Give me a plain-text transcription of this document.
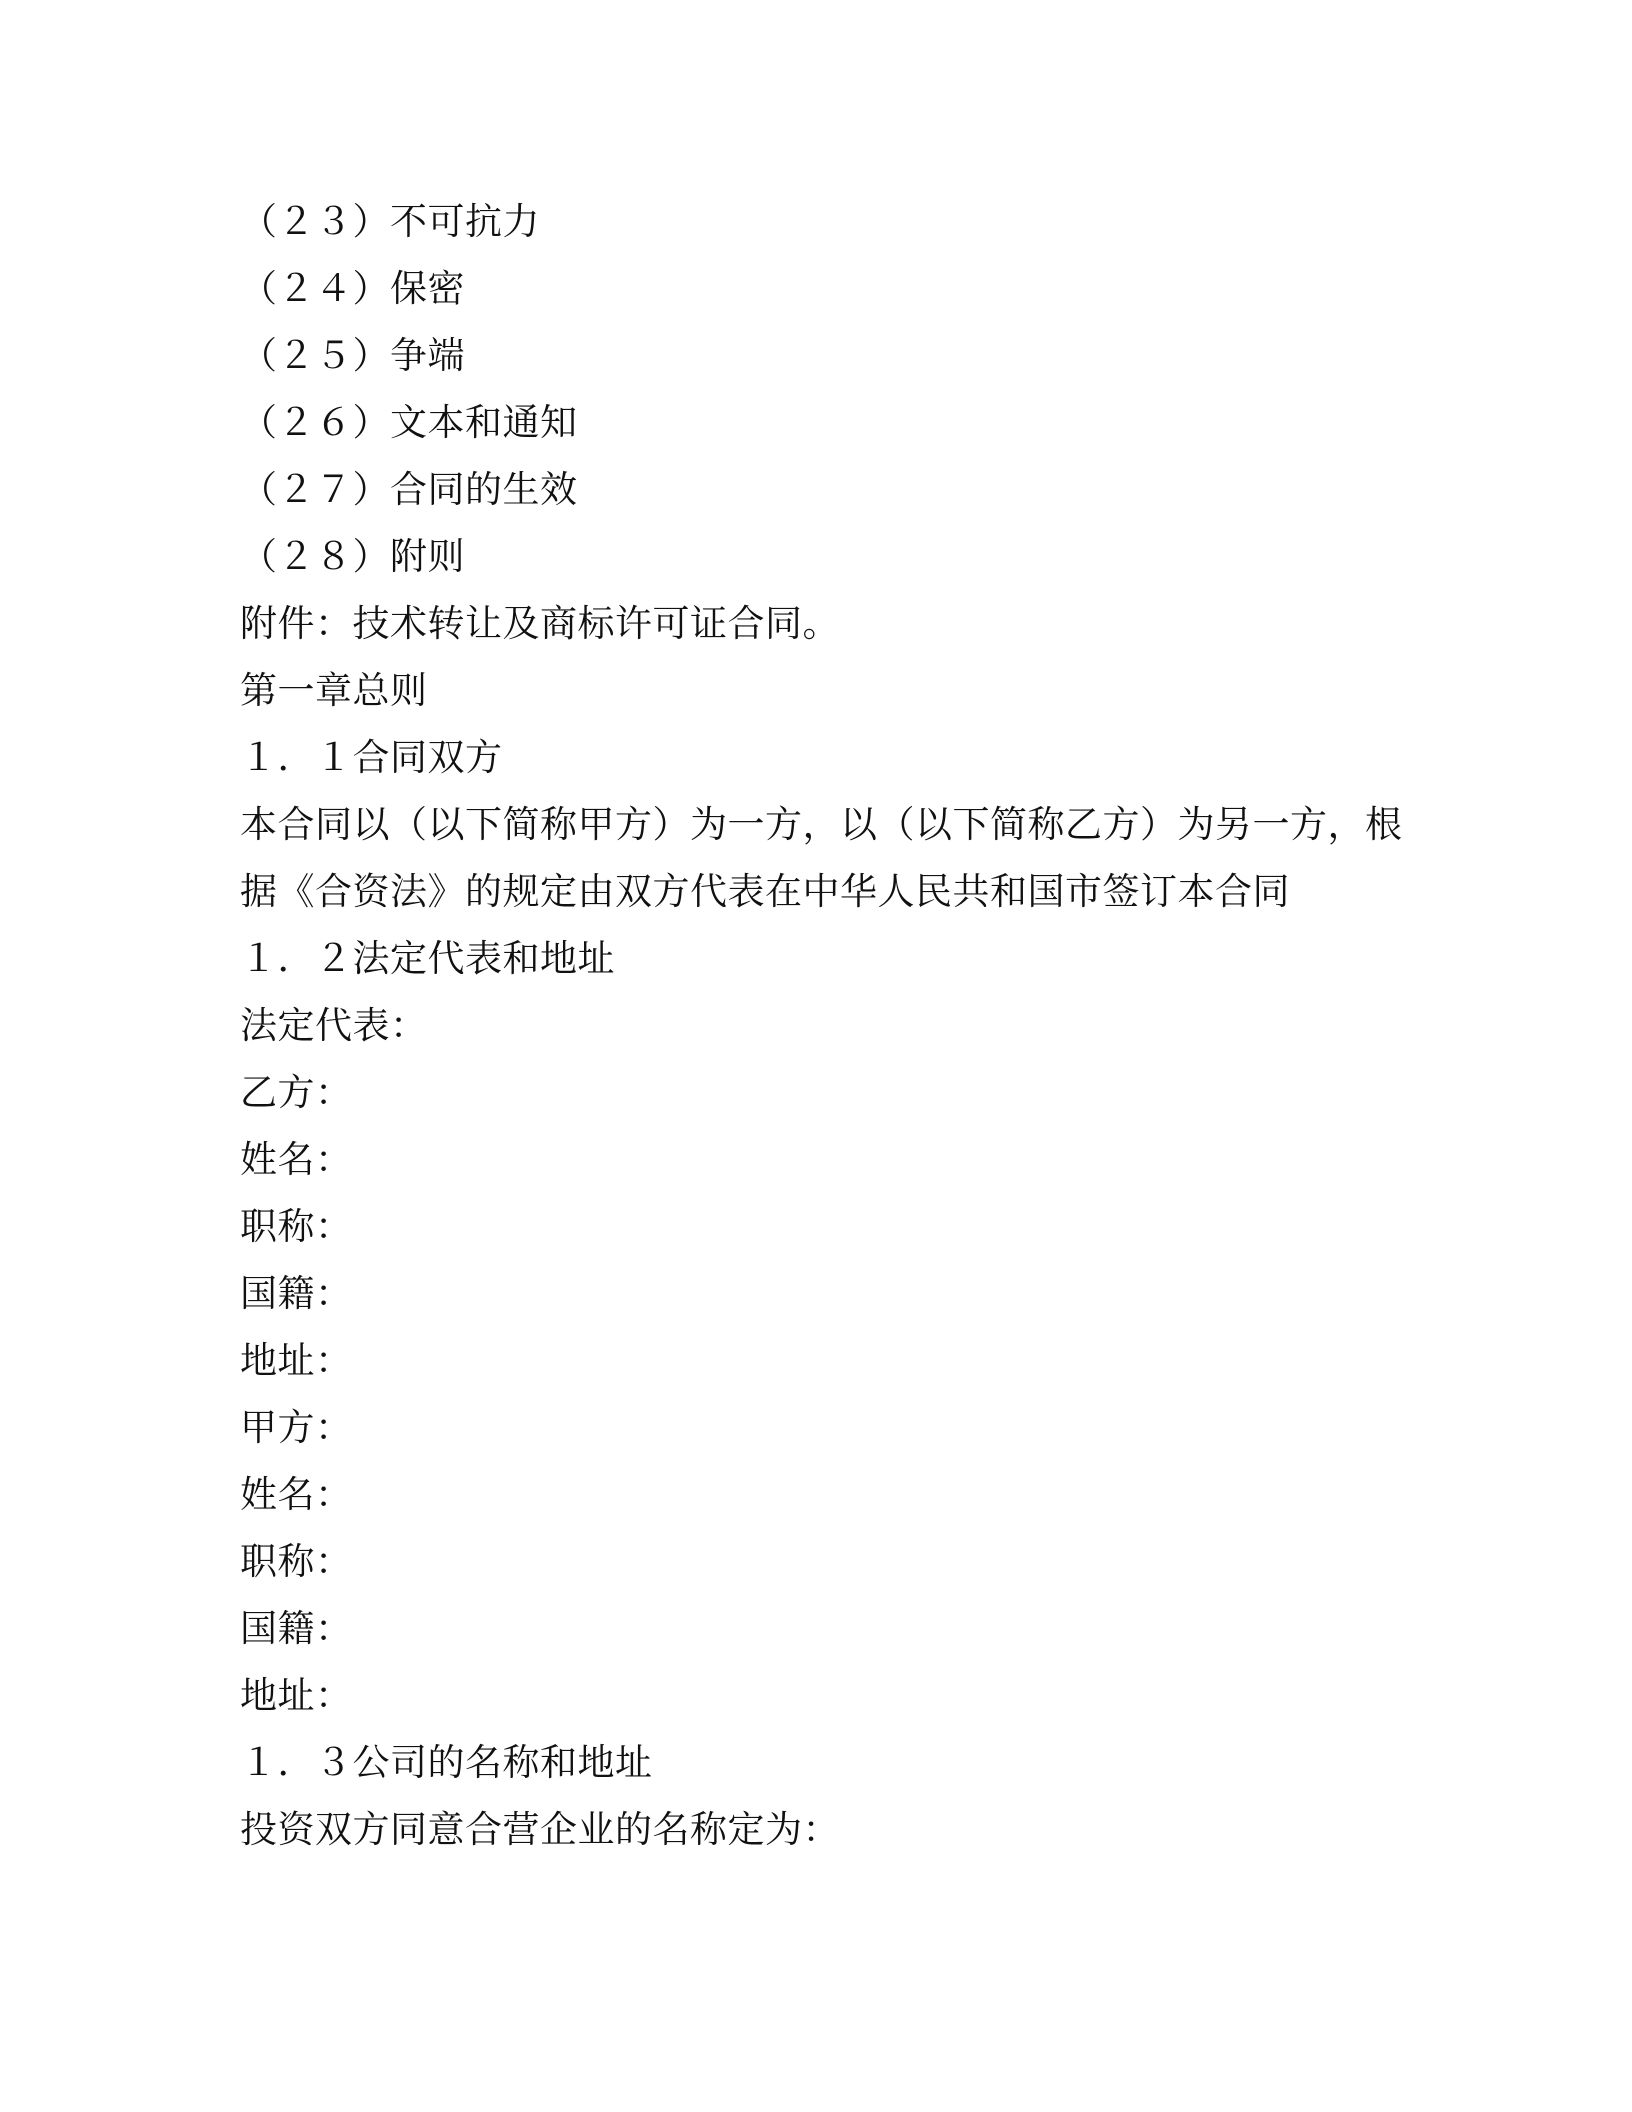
（２３）不可抗力
（２４）保密
（２５）争端
（２６）文本和通知
（２７）合同的生效
（２８）附则
附件：技术转让及商标许可证合同。
第一章总则
１．１合同双方
本合同以（以下简称甲方）为一方，以（以下简称乙方）为另一方，根
据《合资法》的规定由双方代表在中华人民共和国市签订本合同
１．２法定代表和地址
法定代表：
乙方：
姓名：
职称：
国籍：
地址：
甲方：
姓名：
职称：
国籍：
地址：
１．３公司的名称和地址
投资双方同意合营企业的名称定为：
